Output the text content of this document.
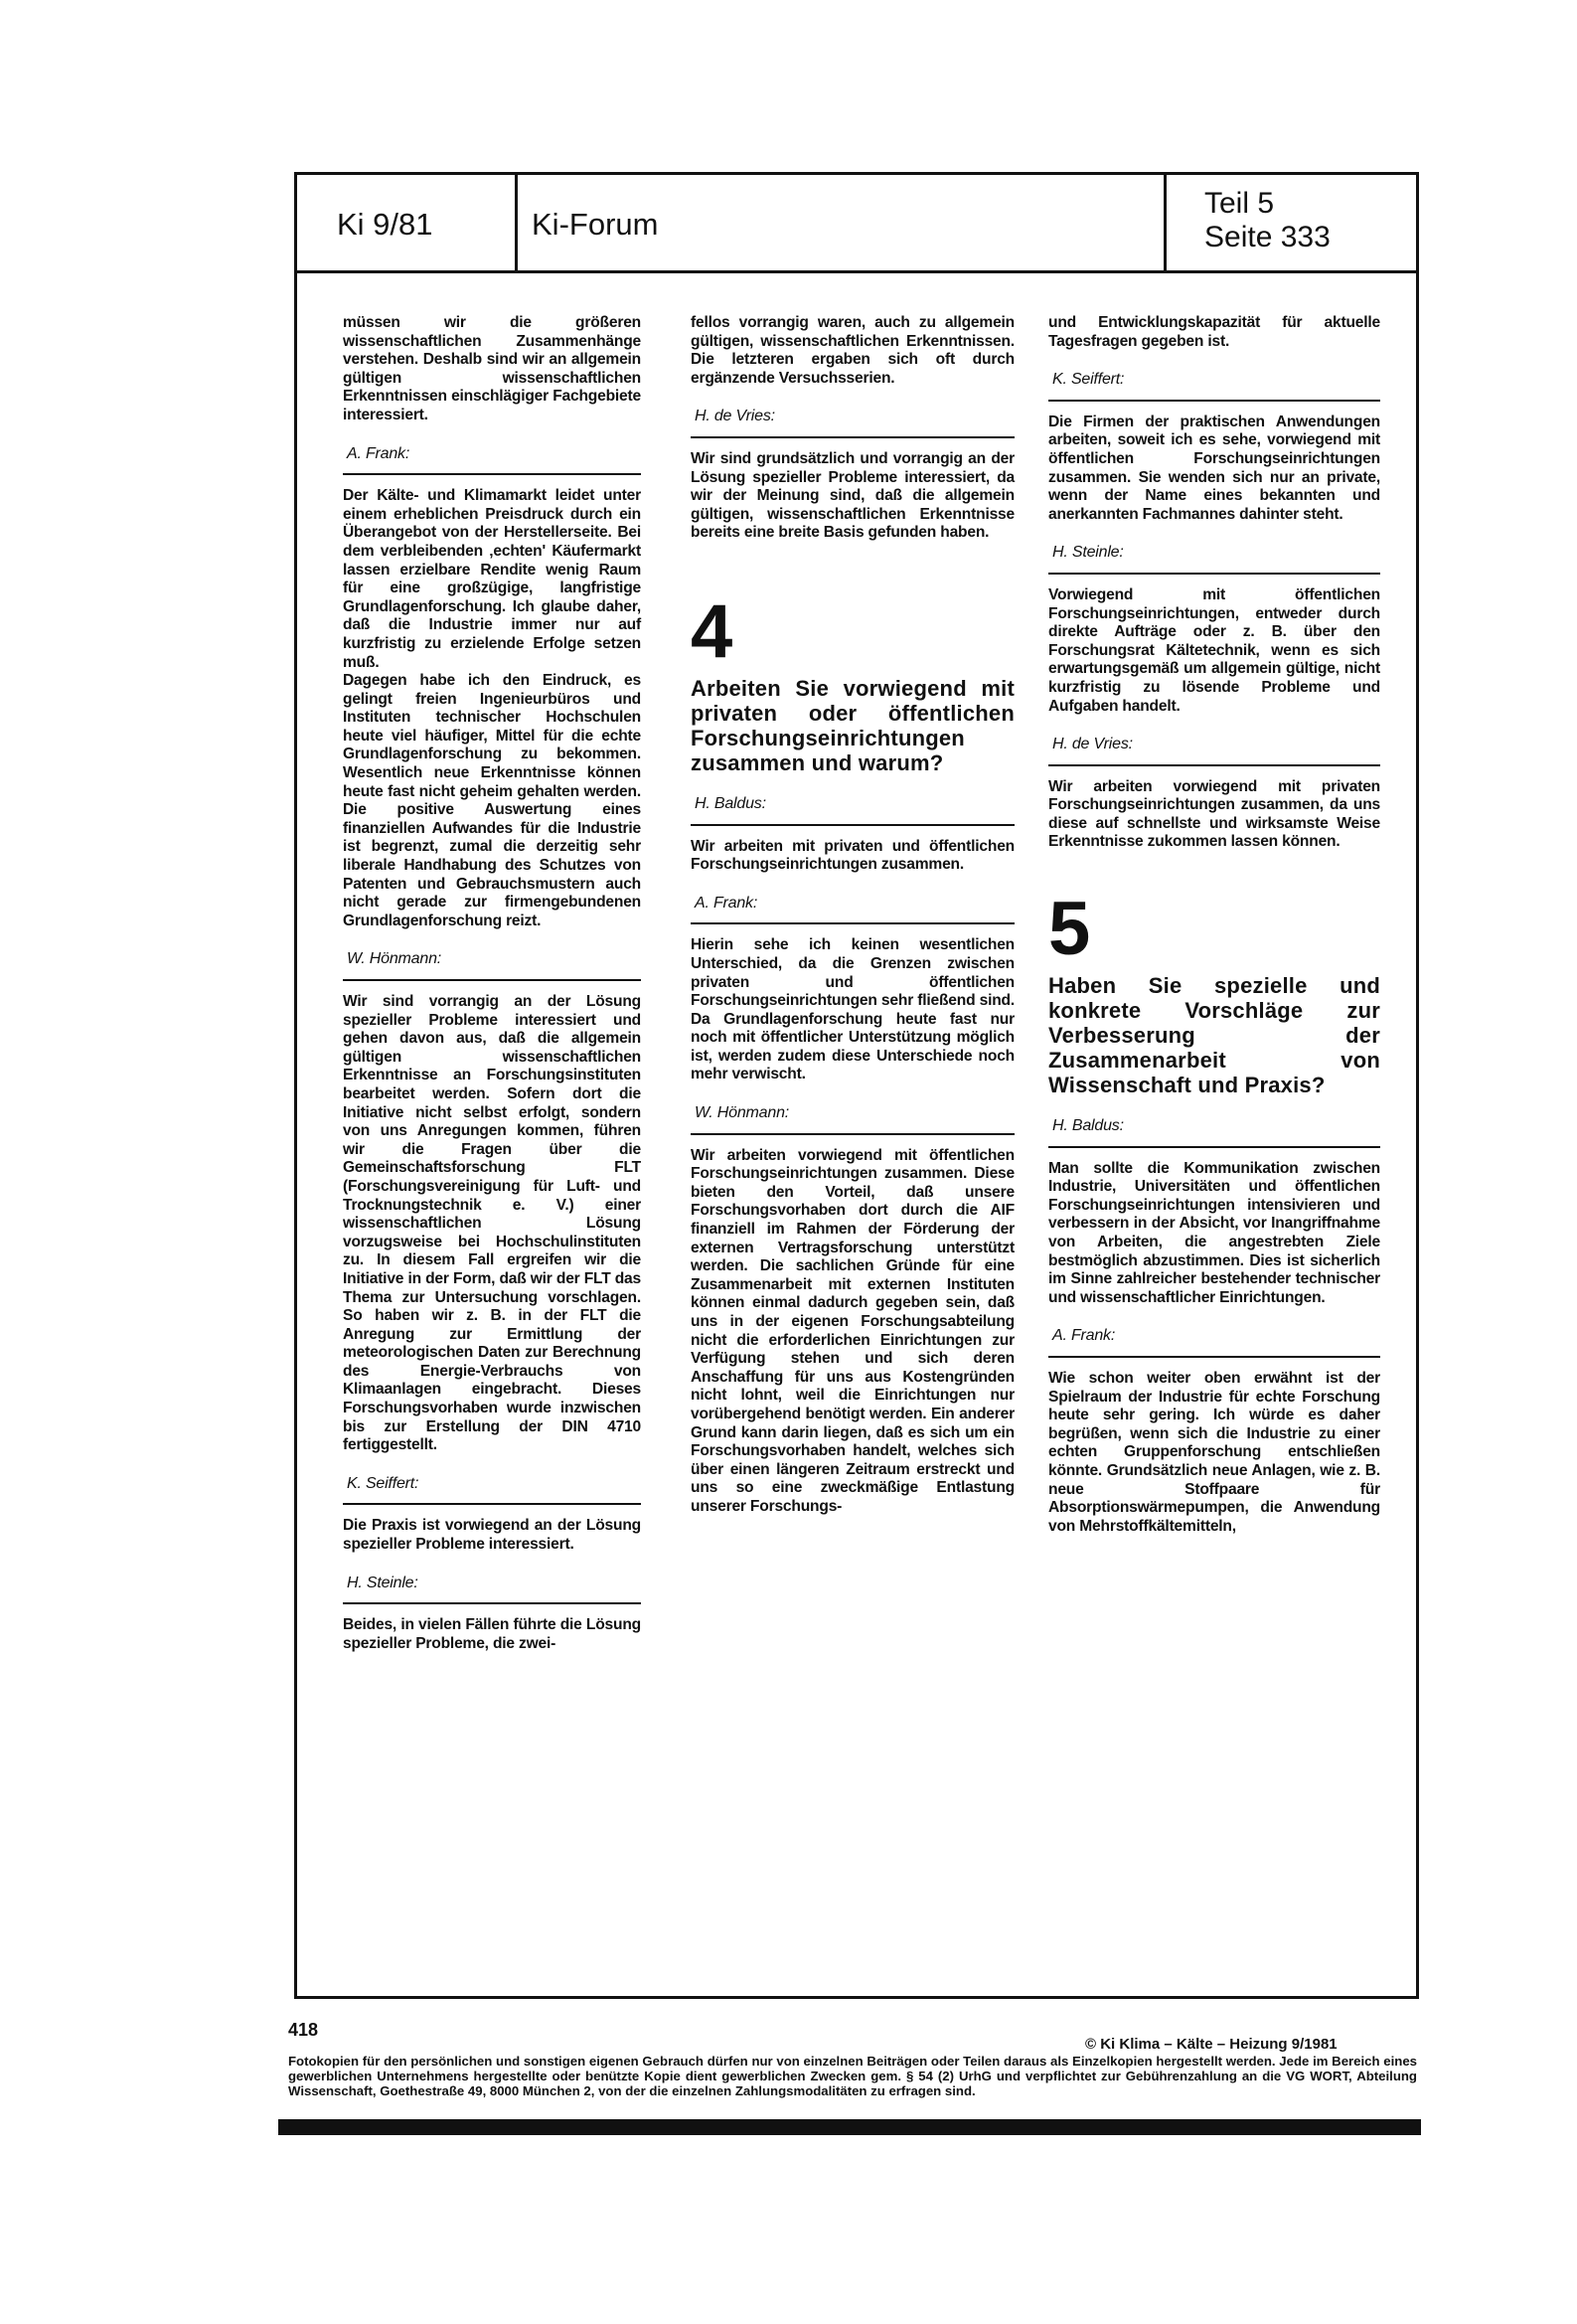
Ki 9/81	Ki-Forum
Teil 5
Seite 333

müssen wir die größeren wissenschaftlichen Zusammenhänge verstehen. Deshalb sind wir an allgemein gültigen wissenschaftlichen Erkenntnissen einschlägiger Fachgebiete interessiert.

A. Frank:

Der Kälte- und Klimamarkt leidet unter einem erheblichen Preisdruck durch ein Überangebot von der Herstellerseite. Bei dem verbleibenden ‚echten' Käufermarkt lassen erzielbare Rendite wenig Raum für eine großzügige, langfristige Grundlagenforschung. Ich glaube daher, daß die Industrie immer nur auf kurzfristig zu erzielende Erfolge setzen muß.

Dagegen habe ich den Eindruck, es gelingt freien Ingenieurbüros und Instituten technischer Hochschulen heute viel häufiger, Mittel für die echte Grundlagenforschung zu bekommen. Wesentlich neue Erkenntnisse können heute fast nicht geheim gehalten werden. Die positive Auswertung eines finanziellen Aufwandes für die Industrie ist begrenzt, zumal die derzeitig sehr liberale Handhabung des Schutzes von Patenten und Gebrauchsmustern auch nicht gerade zur firmengebundenen Grundlagenforschung reizt.

W. Hönmann:

Wir sind vorrangig an der Lösung spezieller Probleme interessiert und gehen davon aus, daß die allgemein gültigen wissenschaftlichen Erkenntnisse an Forschungsinstituten bearbeitet werden. Sofern dort die Initiative nicht selbst erfolgt, sondern von uns Anregungen kommen, führen wir die Fragen über die Gemeinschaftsforschung FLT (Forschungsvereinigung für Luft- und Trocknungstechnik e. V.) einer wissenschaftlichen Lösung vorzugsweise bei Hochschulinstituten zu. In diesem Fall ergreifen wir die Initiative in der Form, daß wir der FLT das Thema zur Untersuchung vorschlagen. So haben wir z. B. in der FLT die Anregung zur Ermittlung der meteorologischen Daten zur Berechnung des Energie-Verbrauchs von Klimaanlagen eingebracht. Dieses Forschungsvorhaben wurde inzwischen bis zur Erstellung der DIN 4710 fertiggestellt.

K. Seiffert:

Die Praxis ist vorwiegend an der Lösung spezieller Probleme interessiert.

H. Steinle:

Beides, in vielen Fällen führte die Lösung spezieller Probleme, die zwei-

fellos vorrangig waren, auch zu allgemein gültigen, wissenschaftlichen Erkenntnissen. Die letzteren ergaben sich oft durch ergänzende Versuchsserien.

H. de Vries:

Wir sind grundsätzlich und vorrangig an der Lösung spezieller Probleme interessiert, da wir der Meinung sind, daß die allgemein gültigen, wissenschaftlichen Erkenntnisse bereits eine breite Basis gefunden haben.

4
Arbeiten Sie vorwiegend mit privaten oder öffentlichen Forschungseinrichtungen zusammen und warum?
H. Baldus:

Wir arbeiten mit privaten und öffentlichen Forschungseinrichtungen zusammen.

A. Frank:

Hierin sehe ich keinen wesentlichen Unterschied, da die Grenzen zwischen privaten und öffentlichen Forschungseinrichtungen sehr fließend sind. Da Grundlagenforschung heute fast nur noch mit öffentlicher Unterstützung möglich ist, werden zudem diese Unterschiede noch mehr verwischt.

W. Hönmann:

Wir arbeiten vorwiegend mit öffentlichen Forschungseinrichtungen zusammen. Diese bieten den Vorteil, daß unsere Forschungsvorhaben dort durch die AIF finanziell im Rahmen der Förderung der externen Vertragsforschung unterstützt werden. Die sachlichen Gründe für eine Zusammenarbeit mit externen Instituten können einmal dadurch gegeben sein, daß uns in der eigenen Forschungsabteilung nicht die erforderlichen Einrichtungen zur Verfügung stehen und sich deren Anschaffung für uns aus Kostengründen nicht lohnt, weil die Einrichtungen nur vorübergehend benötigt werden. Ein anderer Grund kann darin liegen, daß es sich um ein Forschungsvorhaben handelt, welches sich über einen längeren Zeitraum erstreckt und uns so eine zweckmäßige Entlastung unserer Forschungs-

und Entwicklungskapazität für aktuelle Tagesfragen gegeben ist.

K. Seiffert:

Die Firmen der praktischen Anwendungen arbeiten, soweit ich es sehe, vorwiegend mit öffentlichen Forschungseinrichtungen zusammen. Sie wenden sich nur an private, wenn der Name eines bekannten und anerkannten Fachmannes dahinter steht.

H. Steinle:

Vorwiegend mit öffentlichen Forschungseinrichtungen, entweder durch direkte Aufträge oder z. B. über den Forschungsrat Kältetechnik, wenn es sich erwartungsgemäß um allgemein gültige, nicht kurzfristig zu lösende Probleme und Aufgaben handelt.

H. de Vries:

Wir arbeiten vorwiegend mit privaten Forschungseinrichtungen zusammen, da uns diese auf schnellste und wirksamste Weise Erkenntnisse zukommen lassen können.

5
Haben Sie spezielle und konkrete Vorschläge zur Verbesserung der Zusammenarbeit von Wissenschaft und Praxis?
H. Baldus:

Man sollte die Kommunikation zwischen Industrie, Universitäten und öffentlichen Forschungseinrichtungen intensivieren und verbessern in der Absicht, vor Inangriffnahme von Arbeiten, die angestrebten Ziele bestmöglich abzustimmen. Dies ist sicherlich im Sinne zahlreicher bestehender technischer und wissenschaftlicher Einrichtungen.

A. Frank:

Wie schon weiter oben erwähnt ist der Spielraum der Industrie für echte Forschung heute sehr gering. Ich würde es daher begrüßen, wenn sich die Industrie zu einer echten Gruppenforschung entschließen könnte. Grundsätzlich neue Anlagen, wie z. B. neue Stoffpaare für Absorptionswärmepumpen, die Anwendung von Mehrstoffkältemitteln,

418
© Ki Klima – Kälte – Heizung 9/1981
Fotokopien für den persönlichen und sonstigen eigenen Gebrauch dürfen nur von einzelnen Beiträgen oder Teilen daraus als Einzelkopien hergestellt werden. Jede im Bereich eines gewerblichen Unternehmens hergestellte oder benützte Kopie dient gewerblichen Zwecken gem. § 54 (2) UrhG und verpflichtet zur Gebührenzahlung an die VG WORT, Abteilung Wissenschaft, Goethestraße 49, 8000 München 2, von der die einzelnen Zahlungsmodalitäten zu erfragen sind.
